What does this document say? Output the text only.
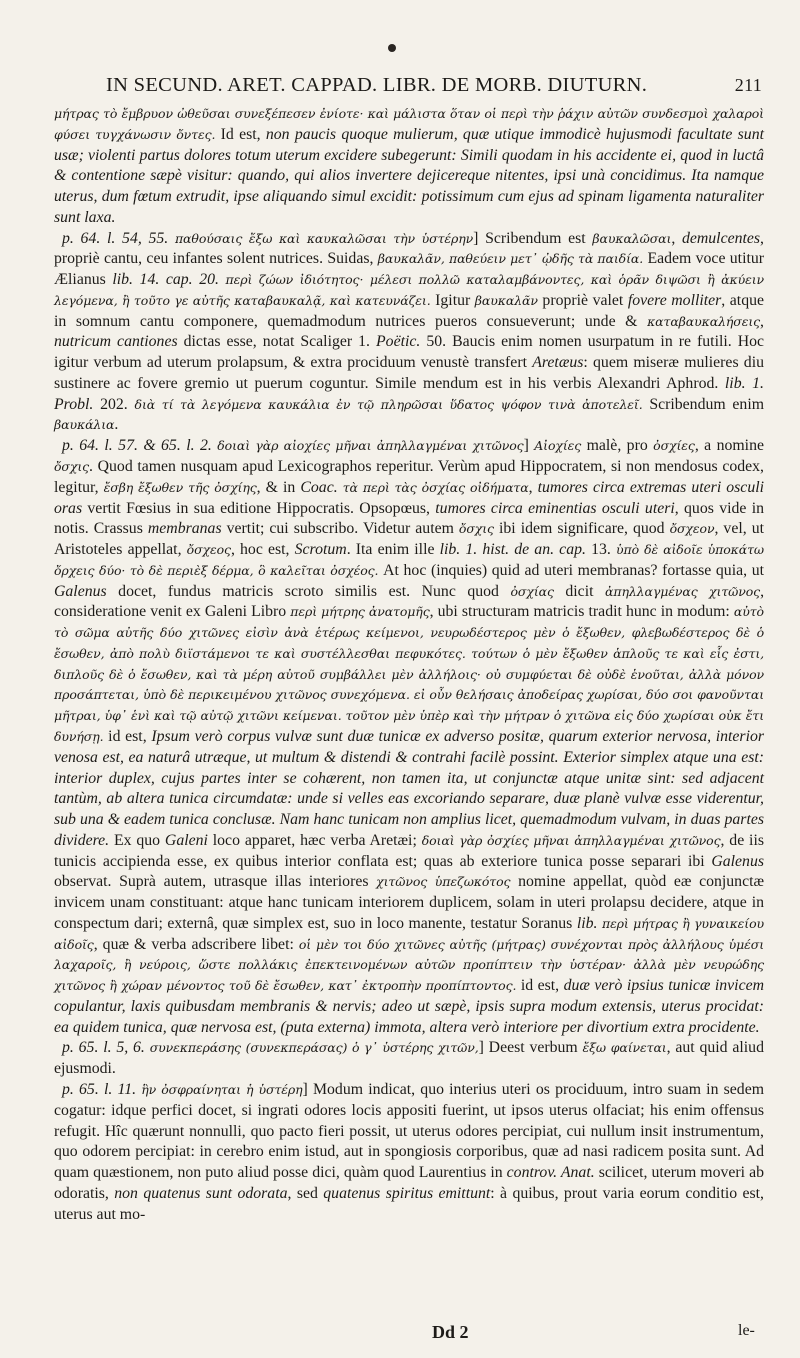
IN SECUND. ARET. CAPPAD. LIBR. DE MORB. DIUTURN.	211

μήτρας τὸ ἔμβρυον ὠθεῦσαι συνεξέπεσεν ἐνίοτε· καὶ μάλιστα ὅταν οἱ περὶ τὴν ῥάχιν αὐτῶν συνδεσμοὶ χαλαροὶ φύσει τυγχάνωσιν ὄντες. Id est, non paucis quoque mulierum, quæ utique immodicè hujusmodi facultate sunt usæ; violenti partus dolores totum uterum excidere subegerunt: Simili quodam in his accidente ei, quod in luctâ & contentione sæpè visitur: quando, qui alios invertere dejicereque nitentes, ipsi unà concidimus. Ita namque uterus, dum fœtum extrudit, ipse aliquando simul excidit: potissimum cum ejus ad spinam ligamenta naturaliter sunt laxa.

p. 64. l. 54, 55. παθούσαις ἔξω καὶ καυκαλῶσαι τὴν ὑστέρην] Scribendum est βαυκαλῶσαι, demulcentes, propriè cantu, ceu infantes solent nutrices. Suidas, βαυκαλᾶν, παθεύειν μετ᾽ ᾠδῆς τὰ παιδία. Eadem voce utitur Ælianus lib. 14. cap. 20. περὶ ζώων ἰδιότητος· μέλεσι πολλῶ καταλαμβάνοντες, καὶ ὁρᾶν διψῶσι ἢ ἀκύειν λεγόμενα, ἢ τοῦτο γε αὐτῆς καταβαυκαλᾷ, καὶ κατευνάζει. Igitur βαυκαλᾶν propriè valet fovere molliter, atque in somnum cantu componere, quemadmodum nutrices pueros consueverunt; unde & καταβαυκαλήσεις, nutricum cantiones dictas esse, notat Scaliger 1. Poëtic. 50. Baucis enim nomen usurpatum in re futili. Hoc igitur verbum ad uterum prolapsum, & extra prociduum venustè transfert Aretæus: quem miseræ mulieres diu sustinere ac fovere gremio ut puerum coguntur. Simile mendum est in his verbis Alexandri Aphrod. lib. 1. Probl. 202. διὰ τί τὰ λεγόμενα καυκάλια ἐν τῷ πληρῶσαι ὕδατος ψόφον τινὰ ἀποτελεῖ. Scribendum enim βαυκάλια.

p. 64. l. 57. & 65. l. 2. δοιαὶ γὰρ αἰοχίες μῆναι ἀπηλλαγμέναι χιτῶνος] Αἰοχίες malè, pro ὀσχίες, a nomine ὄσχις. Quod tamen nusquam apud Lexicographos reperitur. Verùm apud Hippocratem, si non mendosus codex, legitur, ἔσβη ἔξωθεν τῆς ὀσχίης, & in Coac. τὰ περὶ τὰς ὀσχίας οἰδήματα, tumores circa extremas uteri osculi oras vertit Fœsius in sua editione Hippocratis. Opsopœus, tumores circa eminentias osculi uteri, quos vide in notis. Crassus membranas vertit; cui subscribo. Videtur autem ὄσχις ibi idem significare, quod ὄσχεον, vel, ut Aristoteles appellat, ὄσχεος, hoc est, Scrotum. Ita enim ille lib. 1. hist. de an. cap. 13. ὑπὸ δὲ αἰδοῖε ὑποκάτω ὄρχεις δύο· τὸ δὲ περιὲξ δέρμα, ὃ καλεῖται ὀσχέος. At hoc (inquies) quid ad uteri membranas? fortasse quia, ut Galenus docet, fundus matricis scroto similis est. Nunc quod ὀσχίας dicit ἀπηλλαγμένας χιτῶνος, consideratione venit ex Galeni Libro περὶ μήτρης ἀνατομῆς, ubi structuram matricis tradit hunc in modum: αὐτὸ τὸ σῶμα αὐτῆς δύο χιτῶνες εἰσὶν ἀνὰ ἑτέρως κείμενοι, νευρωδέστερος μὲν ὁ ἔξωθεν, φλεβωδέστερος δὲ ὁ ἔσωθεν, ἀπὸ πολὺ διϊστάμενοι τε καὶ συστέλλεσθαι πεφυκότες. τούτων ὁ μὲν ἔξωθεν ἁπλοῦς τε καὶ εἷς ἐστι, διπλοῦς δὲ ὁ ἔσωθεν, καὶ τὰ μέρη αὐτοῦ συμβάλλει μὲν ἀλλήλοις· οὐ συμφύεται δὲ οὐδὲ ἑνοῦται, ἀλλὰ μόνον προσάπτεται, ὑπὸ δὲ περικειμένου χιτῶνος συνεχόμενα. εἰ οὖν θελήσαις ἀποδείρας χωρίσαι, δύο σοι φανοῦνται μῆτραι, ὑφ᾽ ἑνὶ καὶ τῷ αὐτῷ χιτῶνι κείμεναι. τοῦτον μὲν ὑπὲρ καὶ τὴν μήτραν ὁ χιτῶνα εἰς δύο χωρίσαι οὐκ ἔτι δυνήσῃ. id est, Ipsum verò corpus vulvæ sunt duæ tunicæ ex adverso positæ, quarum exterior nervosa, interior venosa est, ea naturâ utræque, ut multum & distendi & contrahi facilè possint. Exterior simplex atque una est: interior duplex, cujus partes inter se cohærent, non tamen ita, ut conjunctæ atque unitæ sint: sed adjacent tantùm, ab altera tunica circumdatæ: unde si velles eas excoriando separare, duæ planè vulvæ esse viderentur, sub una & eadem tunica conclusæ. Nam hanc tunicam non amplius licet, quemadmodum vulvam, in duas partes dividere. Ex quo Galeni loco apparet, hæc verba Aretæi; δοιαὶ γὰρ ὀσχίες μῆναι ἀπηλλαγμέναι χιτῶνος, de iis tunicis accipienda esse, ex quibus interior conflata est; quas ab exteriore tunica posse separari ibi Galenus observat. Suprà autem, utrasque illas interiores χιτῶνος ὑπεζωκότος nomine appellat, quòd eæ conjunctæ invicem unam constituant: atque hanc tunicam interiorem duplicem, solam in uteri prolapsu decidere, atque in conspectum dari; externâ, quæ simplex est, suo in loco manente, testatur Soranus lib. περὶ μήτρας ἢ γυναικείου αἰδοῖς, quæ & verba adscribere libet: οἱ μὲν τοι δύο χιτῶνες αὐτῆς (μήτρας) συνέχονται πρὸς ἀλλήλους ὑμέσι λαχαροῖς, ἢ νεύροις, ὥστε πολλάκις ἐπεκτεινομένων αὐτῶν προπίπτειν τὴν ὑστέραν· ἀλλὰ μὲν νευρώδης χιτῶνος ἢ χώραν μένοντος τοῦ δὲ ἔσωθεν, κατ᾽ ἐκτροπὴν προπίπτοντος. id est, duæ verò ipsius tunicæ invicem copulantur, laxis quibusdam membranis & nervis; adeo ut sæpè, ipsis supra modum extensis, uterus procidat: ea quidem tunica, quæ nervosa est, (puta externa) immota, altera verò interiore per divortium extra procidente.

p. 65. l. 5, 6. συνεκπεράσης (συνεκπεράσας) ὁ γ᾽ ὑστέρης χιτῶν,] Deest verbum ἔξω φαίνεται, aut quid aliud ejusmodi.

p. 65. l. 11. ἣν ὀσφραίνηται ἡ ὑστέρη] Modum indicat, quo interius uteri os prociduum, intro suam in sedem cogatur: idque perfici docet, si ingrati odores locis appositi fuerint, ut ipsos uterus olfaciat; his enim offensus refugit. Hîc quærunt nonnulli, quo pacto fieri possit, ut uterus odores percipiat, cui nullum insit instrumentum, quo odorem percipiat: in cerebro enim istud, aut in spongiosis corporibus, quæ ad nasi radicem posita sunt. Ad quam quæstionem, non puto aliud posse dici, quàm quod Laurentius in controv. Anat. scilicet, uterum moveri ab odoratis, non quatenus sunt odorata, sed quatenus spiritus emittunt: à quibus, prout varia eorum conditio est, uterus aut mo-

Dd 2	le-
